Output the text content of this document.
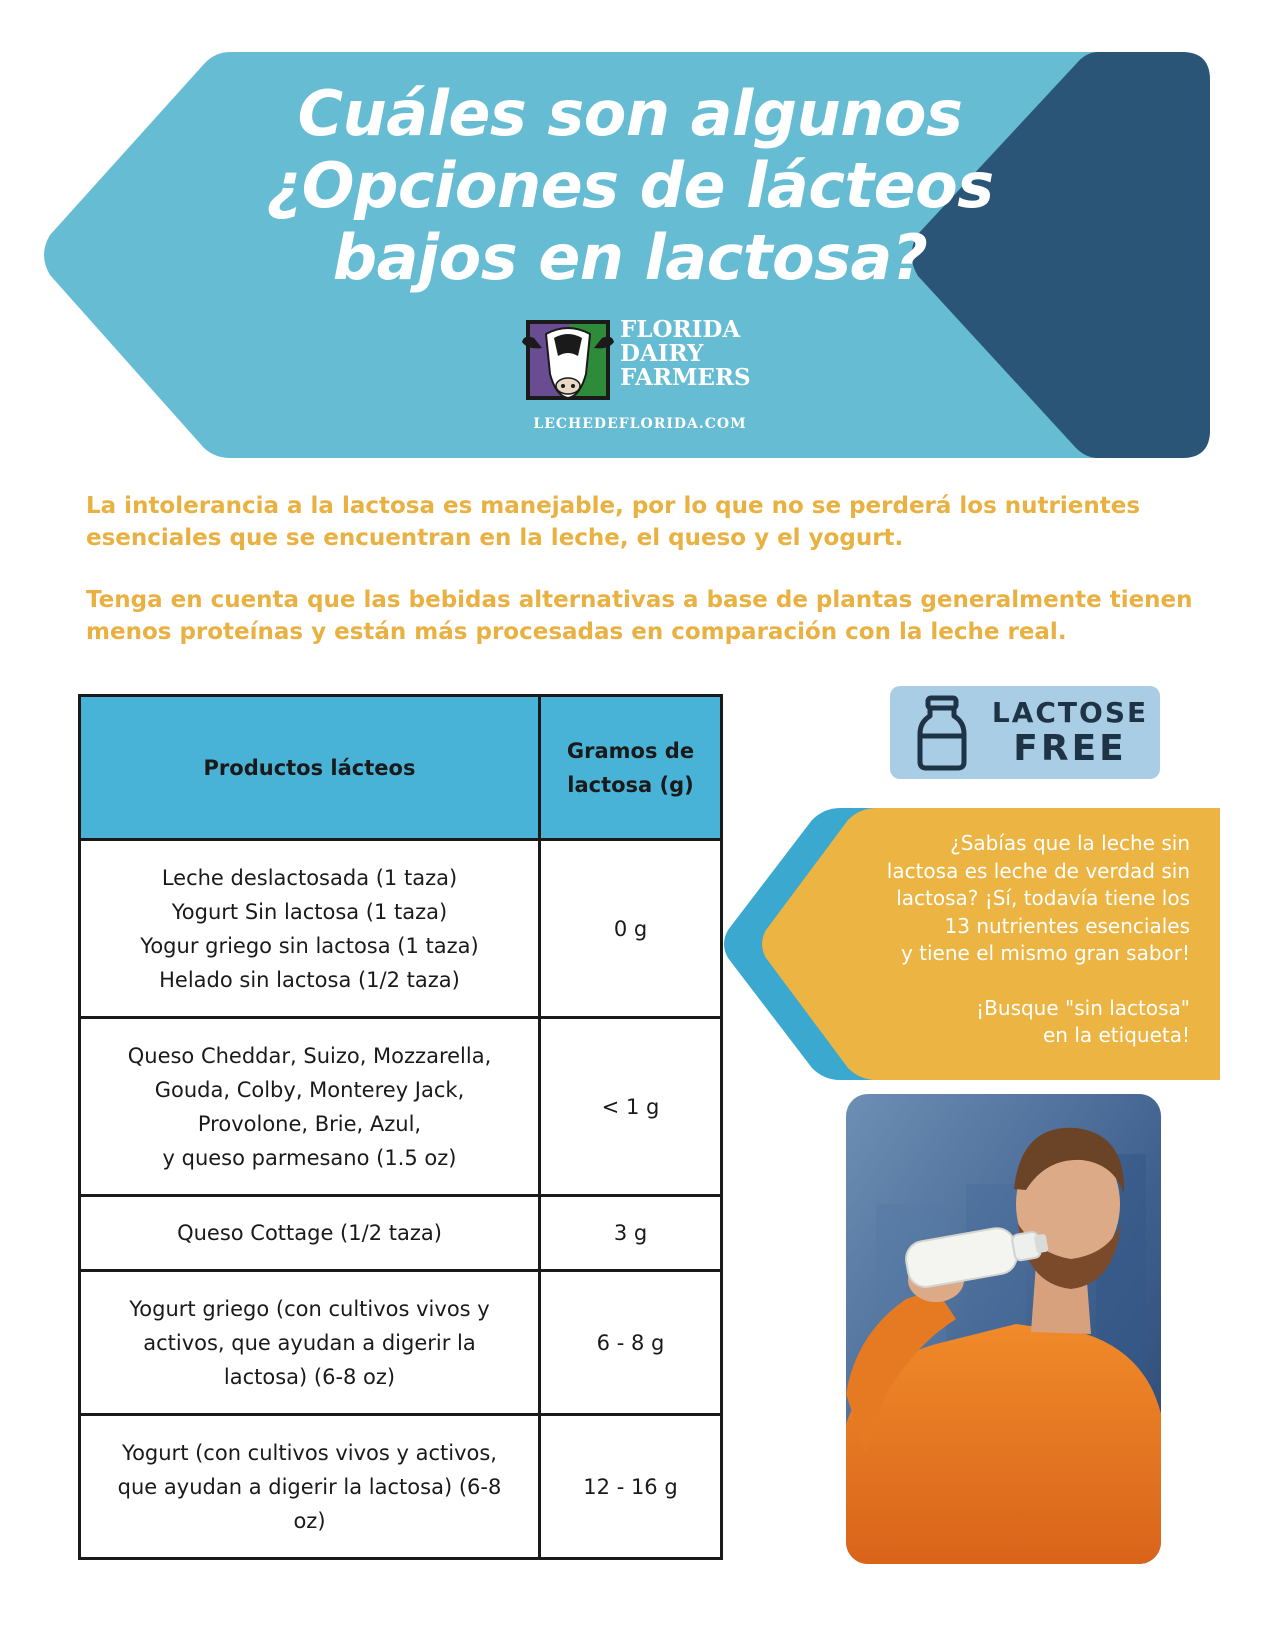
Cuáles son algunos
¿Opciones de lácteos
bajos en lactosa?
FLORIDA
DAIRY
FARMERS
LECHEDEFLORIDA.COM

La intolerancia a la lactosa es manejable, por lo que no se perderá los nutrientes esenciales que se encuentran en la leche, el queso y el yogurt.

Tenga en cuenta que las bebidas alternativas a base de plantas generalmente tienen menos proteínas y están más procesadas en comparación con la leche real.

Productos lácteos	Gramos de lactosa (g)

Leche deslactosada (1 taza)
Yogurt Sin lactosa (1 taza)
Yogur griego sin lactosa (1 taza)
Helado sin lactosa (1/2 taza)	0 g

Queso Cheddar, Suizo, Mozzarella,
Gouda, Colby, Monterey Jack,
Provolone, Brie, Azul,
y queso parmesano (1.5 oz)	< 1 g

Queso Cottage (1/2 taza)	3 g

Yogurt griego (con cultivos vivos y
activos, que ayudan a digerir la
lactosa) (6-8 oz)	6 - 8 g

Yogurt (con cultivos vivos y activos,
que ayudan a digerir la lactosa) (6-8
oz)	12 - 16 g
LACTOSE
FREE

¿Sabías que la leche sin
lactosa es leche de verdad sin
lactosa? ¡Sí, todavía tiene los
13 nutrientes esenciales
y tiene el mismo gran sabor!

¡Busque "sin lactosa"
en la etiqueta!
